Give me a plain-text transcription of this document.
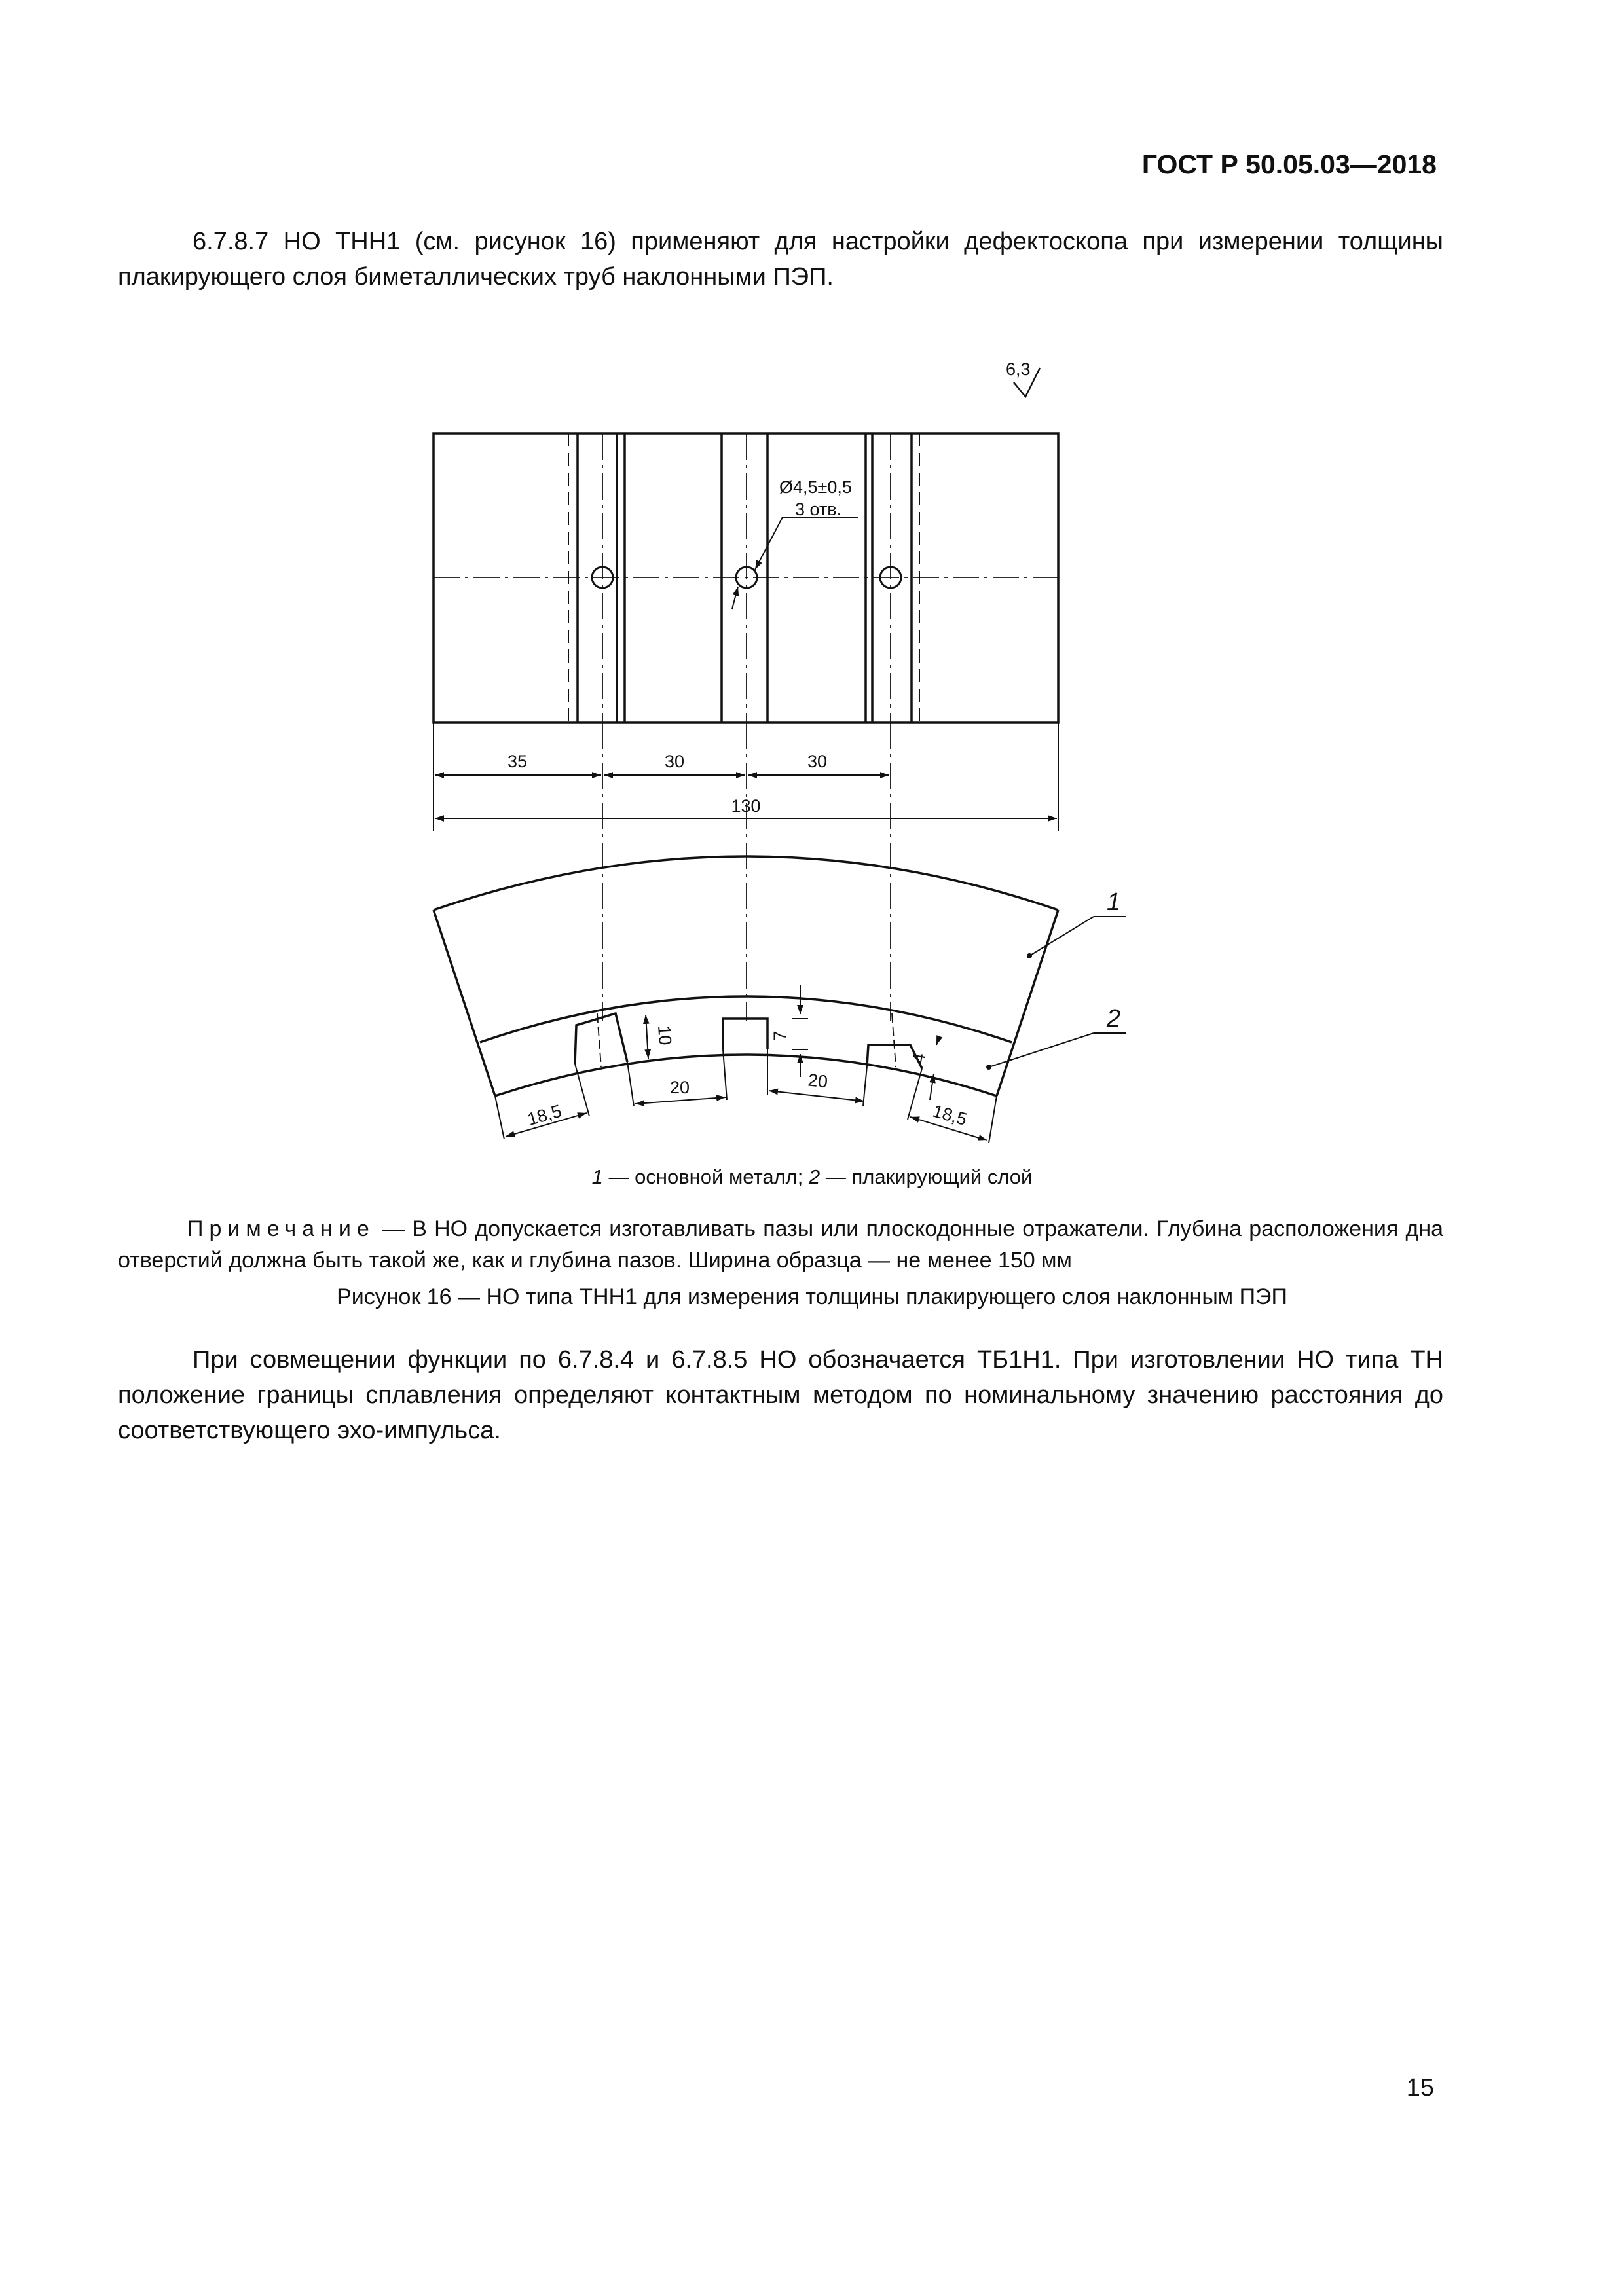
ГОСТ Р 50.05.03—2018

6.7.8.7 НО ТНН1 (см. рисунок 16) применяют для настройки дефектоскопа при измерении толщины плакирующего слоя биметаллических труб наклонными ПЭП.

6,3
Ø4,5±0,5
3 отв.
35	30	30
130
1
2
18,5
20
10	7
20
4
18,5
1 — основной металл; 2 — плакирующий слой

Примечание — В НО допускается изготавливать пазы или плоскодонные отражатели. Глубина расположения дна отверстий должна быть такой же, как и глубина пазов. Ширина образца — не менее 150 мм

Рисунок 16 — НО типа ТНН1 для измерения толщины плакирующего слоя наклонным ПЭП

При совмещении функции по 6.7.8.4 и 6.7.8.5 НО обозначается ТБ1Н1. При изготовлении НО типа ТН положение границы сплавления определяют контактным методом по номинальному значению расстояния до соответствующего эхо-импульса.

15
